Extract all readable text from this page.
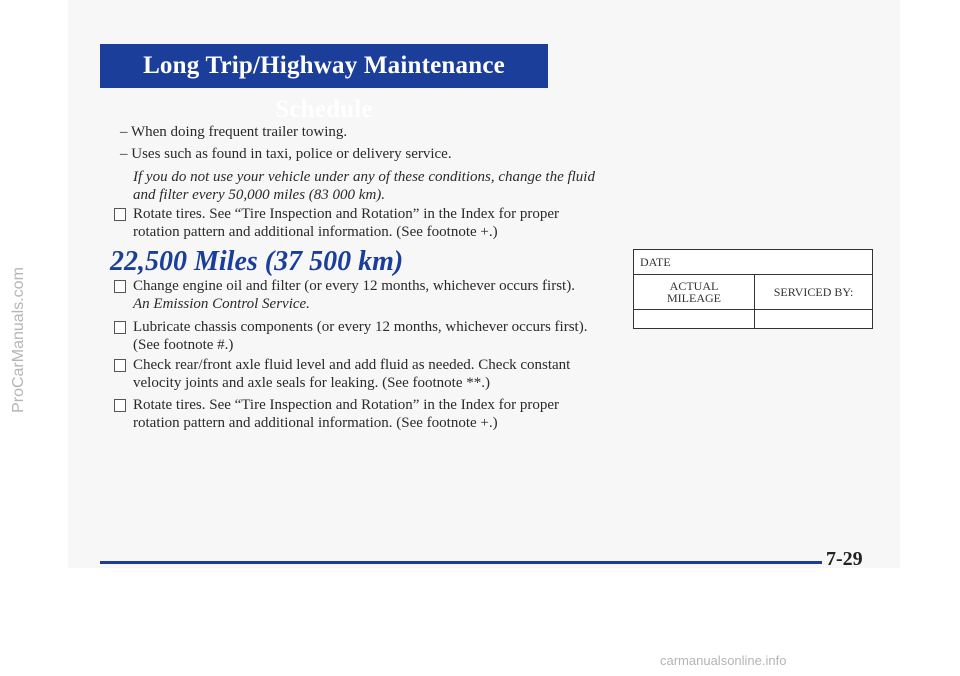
Long Trip/Highway Maintenance Schedule
– When doing frequent trailer towing.
– Uses such as found in taxi, police or delivery service.
If you do not use your vehicle under any of these conditions, change the fluid
and filter every 50,000 miles (83 000 km).
Rotate tires. See “Tire Inspection and Rotation” in the Index for proper
rotation pattern and additional information. (See footnote +.)
22,500 Miles (37 500 km)
Change engine oil and filter (or every 12 months, whichever occurs first).
An Emission Control Service.
Lubricate chassis components (or every 12 months, whichever occurs first).
(See footnote #.)
Check rear/front axle fluid level and add fluid as needed. Check constant
velocity joints and axle seals for leaking. (See footnote **.)
Rotate tires. See “Tire Inspection and Rotation” in the Index for proper
rotation pattern and additional information. (See footnote +.)
DATE	
ACTUAL
MILEAGE	SERVICED BY:

7-29
ProCarManuals.com
carmanualsonline.info
